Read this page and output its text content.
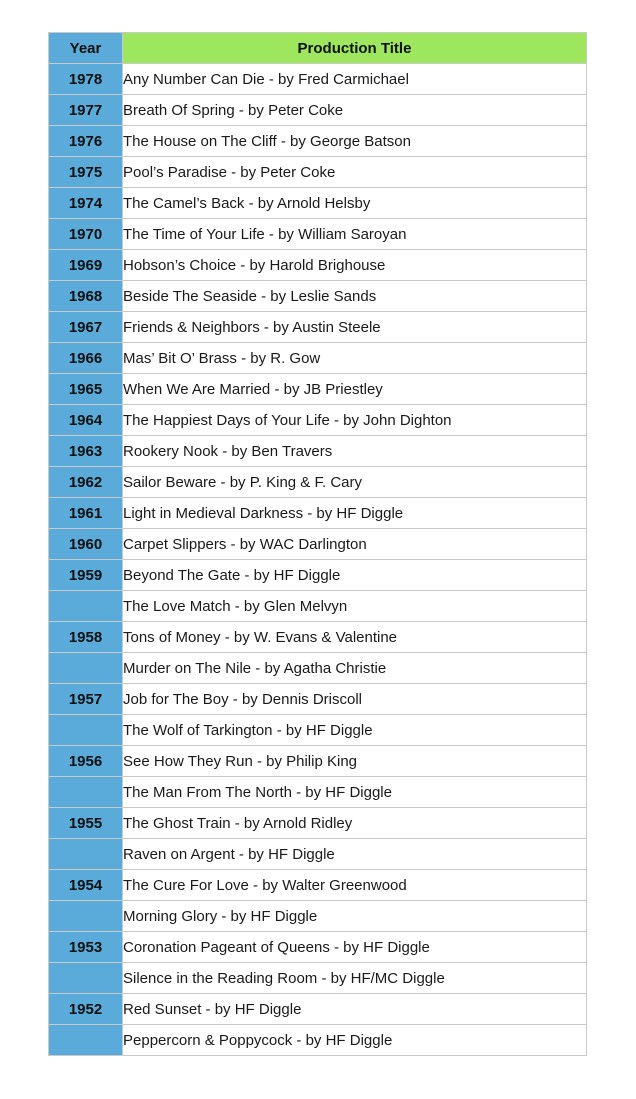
Year	Production Title
1978	Any Number Can Die - by Fred Carmichael
1977	Breath Of Spring - by Peter Coke
1976	The House on The Cliff - by George Batson
1975	Pool’s Paradise - by Peter Coke
1974	The Camel’s Back - by Arnold Helsby
1970	The Time of Your Life - by William Saroyan
1969	Hobson’s Choice - by Harold Brighouse
1968	Beside The Seaside - by Leslie Sands
1967	Friends & Neighbors - by Austin Steele
1966	Mas’ Bit O’ Brass - by R. Gow
1965	When We Are Married - by JB Priestley
1964	The Happiest Days of Your Life - by John Dighton
1963	Rookery Nook - by Ben Travers
1962	Sailor Beware - by P. King & F. Cary
1961	Light in Medieval Darkness - by HF Diggle
1960	Carpet Slippers - by WAC Darlington
1959	Beyond The Gate - by HF Diggle
	The Love Match - by Glen Melvyn
1958	Tons of Money - by W. Evans & Valentine
	Murder on The Nile - by Agatha Christie
1957	Job for The Boy - by Dennis Driscoll
	The Wolf of Tarkington - by HF Diggle
1956	See How They Run - by Philip King
	The Man From The North - by HF Diggle
1955	The Ghost Train - by Arnold Ridley
	Raven on Argent - by HF Diggle
1954	The Cure For Love - by Walter Greenwood
	Morning Glory - by HF Diggle
1953	Coronation Pageant of Queens - by HF Diggle
	Silence in the Reading Room - by HF/MC Diggle
1952	Red Sunset - by HF Diggle
	Peppercorn & Poppycock - by HF Diggle
